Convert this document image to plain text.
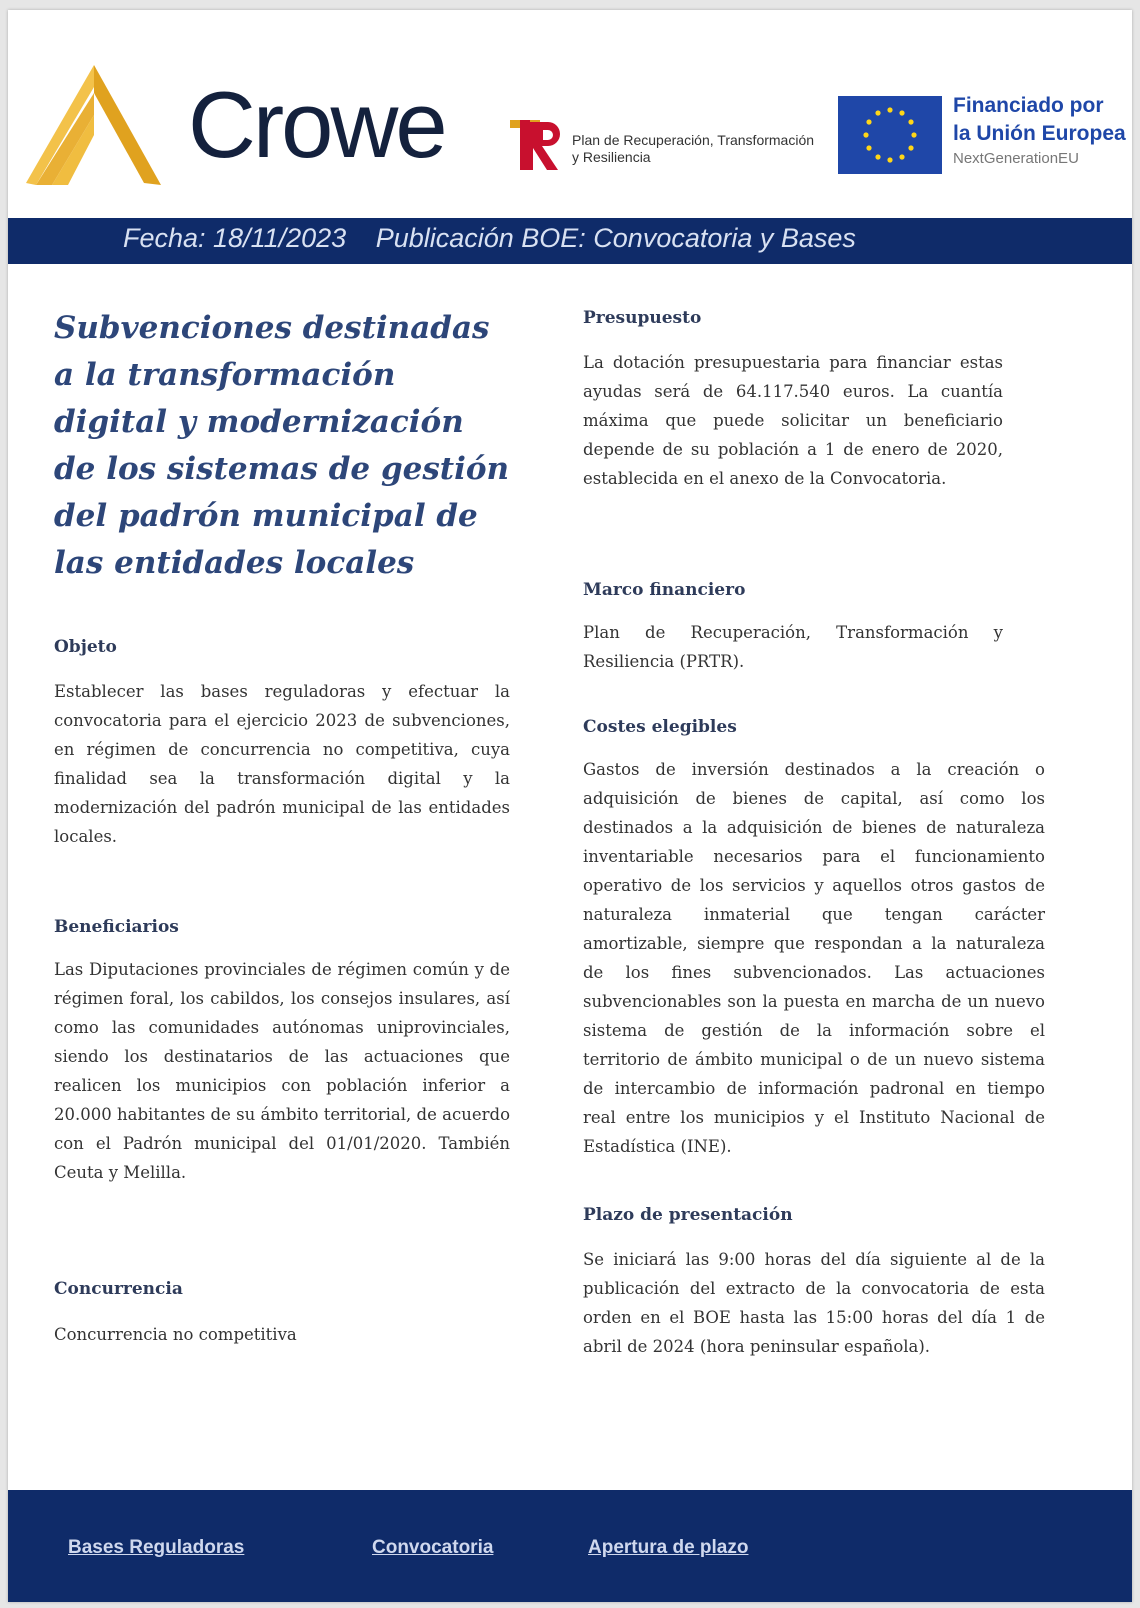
Crowe	Plan de Recuperación, Transformación y Resiliencia
Financiado por
la Unión Europea
NextGenerationEU
Fecha: 18/11/2023 Publicación BOE: Convocatoria y Bases
Subvenciones destinadas a la transformación digital y modernización de los sistemas de gestión del padrón municipal de las entidades locales
Objeto

Establecer las bases reguladoras y efectuar la convocatoria para el ejercicio 2023 de subvenciones, en régimen de concurrencia no competitiva, cuya finalidad sea la transformación digital y la modernización del padrón municipal de las entidades locales.

Beneficiarios

Las Diputaciones provinciales de régimen común y de régimen foral, los cabildos, los consejos insulares, así como las comunidades autónomas uniprovinciales, siendo los destinatarios de las actuaciones que realicen los municipios con población inferior a 20.000 habitantes de su ámbito territorial, de acuerdo con el Padrón municipal del 01/01/2020. También Ceuta y Melilla.

Concurrencia

Concurrencia no competitiva

Presupuesto

La dotación presupuestaria para financiar estas ayudas será de 64.117.540 euros. La cuantía máxima que puede solicitar un beneficiario depende de su población a 1 de enero de 2020, establecida en el anexo de la Convocatoria.

Marco financiero

Plan de Recuperación, Transformación y Resiliencia (PRTR).

Costes elegibles

Gastos de inversión destinados a la creación o adquisición de bienes de capital, así como los destinados a la adquisición de bienes de naturaleza inventariable necesarios para el funcionamiento operativo de los servicios y aquellos otros gastos de naturaleza inmaterial que tengan carácter amortizable, siempre que respondan a la naturaleza de los fines subvencionados. Las actuaciones subvencionables son la puesta en marcha de un nuevo sistema de gestión de la información sobre el territorio de ámbito municipal o de un nuevo sistema de intercambio de información padronal en tiempo real entre los municipios y el Instituto Nacional de Estadística (INE).

Plazo de presentación

Se iniciará las 9:00 horas del día siguiente al de la publicación del extracto de la convocatoria de esta orden en el BOE hasta las 15:00 horas del día 1 de abril de 2024 (hora peninsular española).

Bases Reguladoras	Convocatoria	Apertura de plazo
